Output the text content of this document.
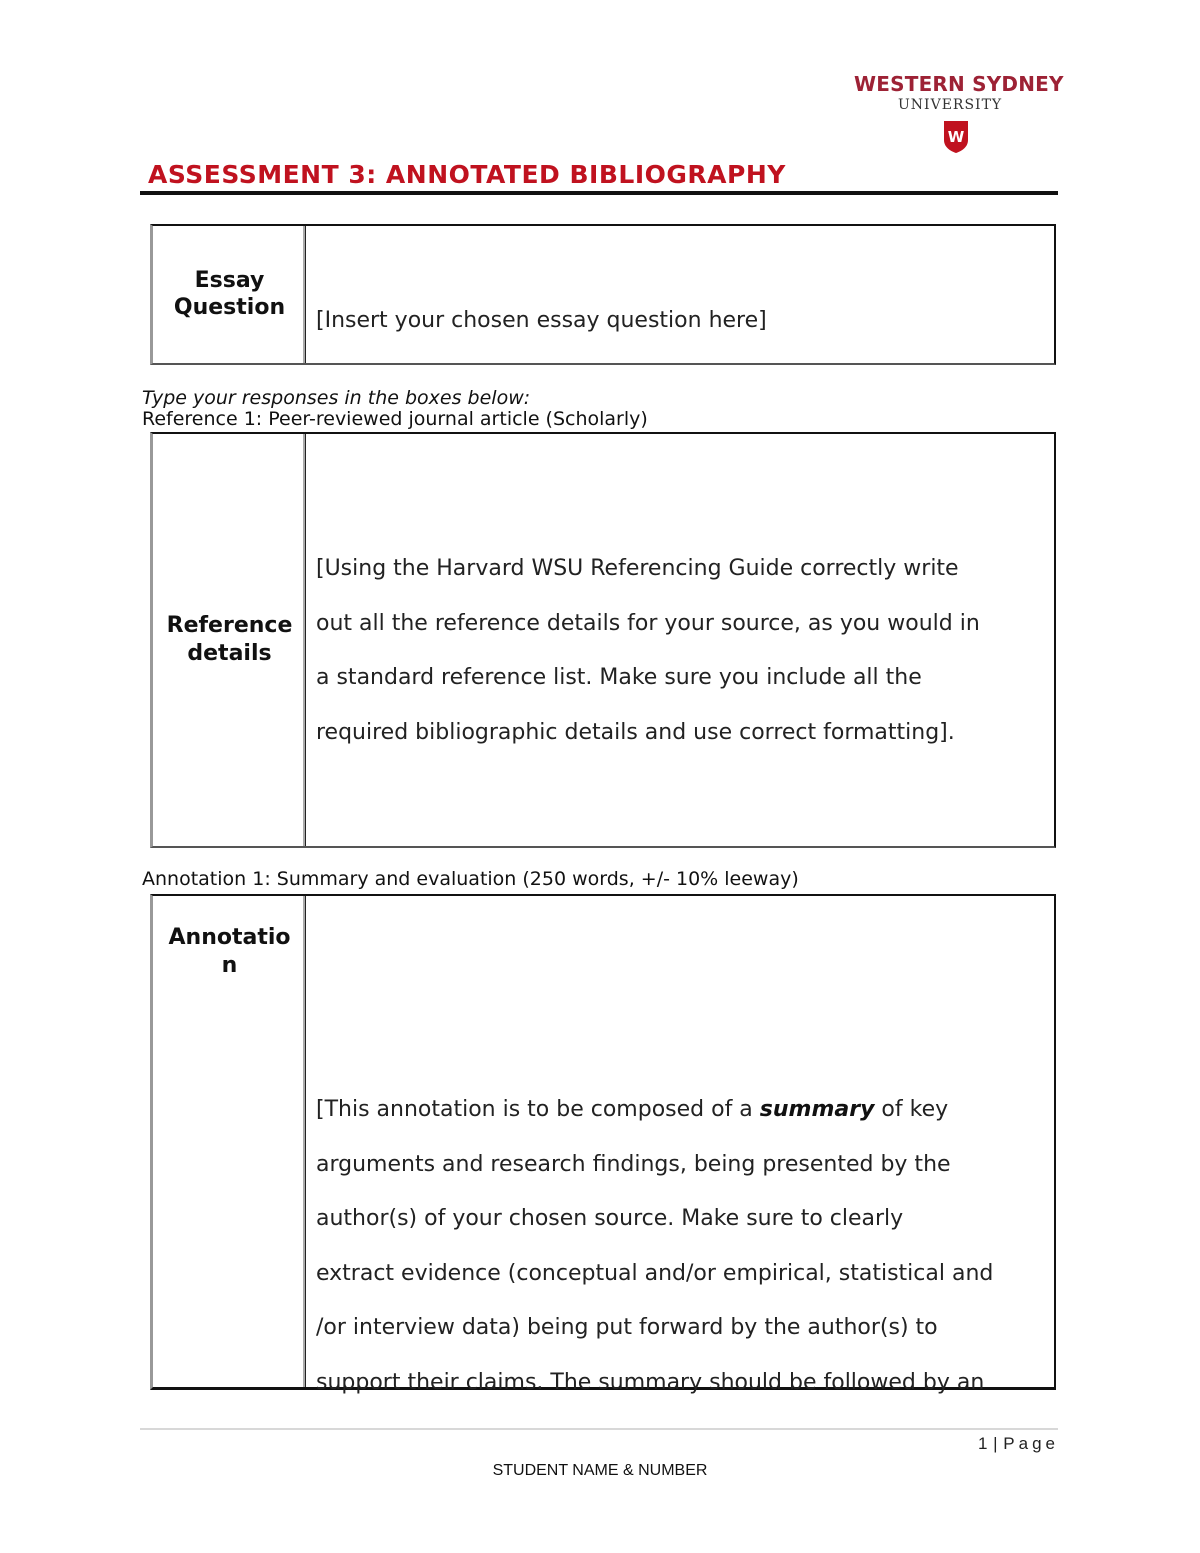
WESTERN SYDNEY
UNIVERSITY
W
ASSESSMENT 3: ANNOTATED BIBLIOGRAPHY
Essay
Question
[Insert your chosen essay question here]
Type your responses in the boxes below:
Reference 1: Peer-reviewed journal article (Scholarly)
Reference
details
[Using the Harvard WSU Referencing Guide correctly write
out all the reference details for your source, as you would in
a standard reference list. Make sure you include all the
required bibliographic details and use correct formatting].
Annotation 1: Summary and evaluation (250 words, +/- 10% leeway)
Annotatio
n
[This annotation is to be composed of a summary of key
arguments and research findings, being presented by the
author(s) of your chosen source. Make sure to clearly
extract evidence (conceptual and/or empirical, statistical and
/or interview data) being put forward by the author(s) to
support their claims. The summary should be followed by an
1 | Page
STUDENT NAME & NUMBER
